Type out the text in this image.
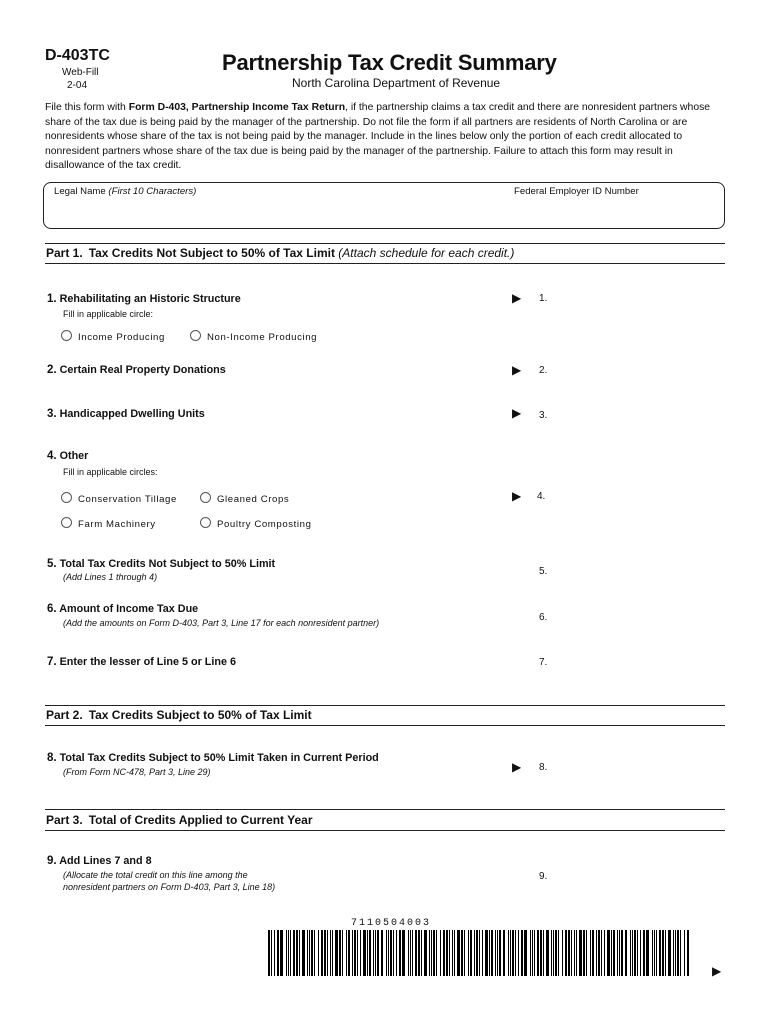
D-403TC
Web-Fill
2-04
Partnership Tax Credit Summary
North Carolina Department of Revenue
File this form with Form D-403, Partnership Income Tax Return, if the partnership claims a tax credit and there are nonresident partners whose share of the tax due is being paid by the manager of the partnership. Do not file the form if all partners are residents of North Carolina or are nonresidents whose share of the tax is not being paid by the manager. Include in the lines below only the portion of each credit allocated to nonresident partners whose share of the tax due is being paid by the manager of the partnership. Failure to attach this form may result in disallowance of the tax credit.
Legal Name (First 10 Characters)	Federal Employer ID Number
Part 1. Tax Credits Not Subject to 50% of Tax Limit (Attach schedule for each credit.)
1. Rehabilitating an Historic Structure
Fill in applicable circle:
Income Producing	Non-Income Producing
▶ 1.
2. Certain Real Property Donations	▶ 2.
3. Handicapped Dwelling Units	▶ 3.
4. Other
Fill in applicable circles:
Conservation Tillage	Gleaned Crops
Farm Machinery	Poultry Composting
▶ 4.
5. Total Tax Credits Not Subject to 50% Limit
(Add Lines 1 through 4)	5.
6. Amount of Income Tax Due
(Add the amounts on Form D-403, Part 3, Line 17 for each nonresident partner)	6.
7. Enter the lesser of Line 5 or Line 6	7.
Part 2. Tax Credits Subject to 50% of Tax Limit
8. Total Tax Credits Subject to 50% Limit Taken in Current Period
(From Form NC-478, Part 3, Line 29)	▶ 8.
Part 3. Total of Credits Applied to Current Year
9. Add Lines 7 and 8
(Allocate the total credit on this line among the
nonresident partners on Form D-403, Part 3, Line 18)
9.
7110504003
▶
